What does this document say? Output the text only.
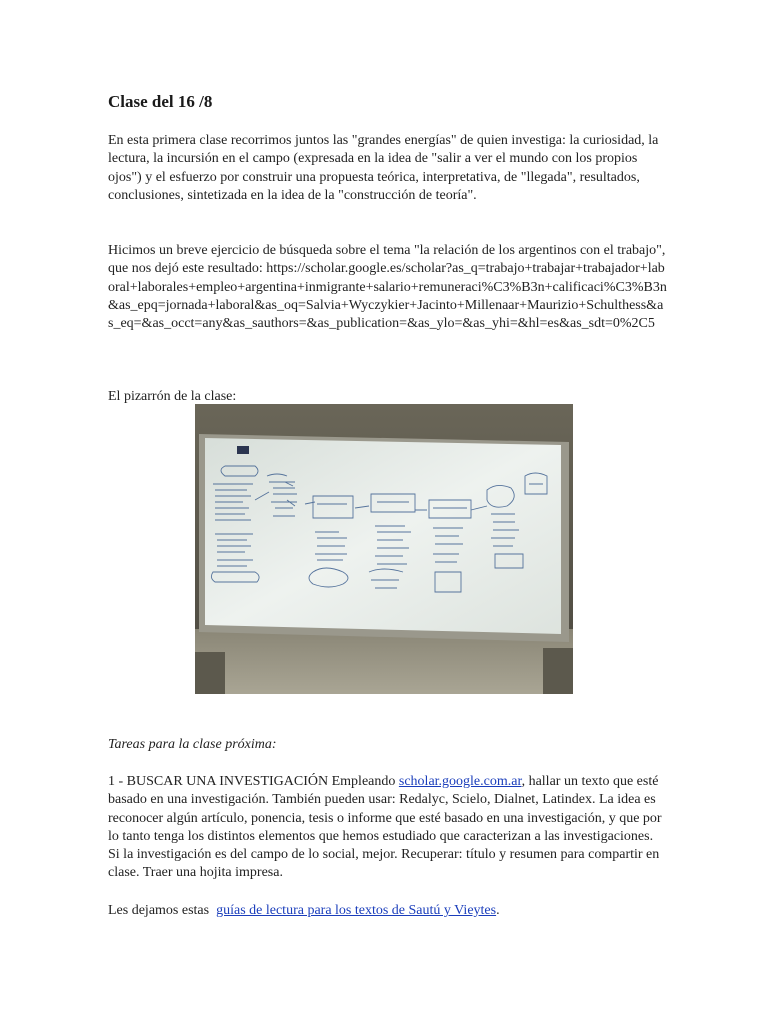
Clase del 16 /8

En esta primera clase recorrimos juntos las "grandes energías" de quien investiga: la curiosidad, la lectura, la incursión en el campo (expresada en la idea de "salir a ver el mundo con los propios ojos") y el esfuerzo por construir una propuesta teórica, interpretativa, de "llegada", resultados, conclusiones, sintetizada en la idea de la "construcción de teoría".

Hicimos un breve ejercicio de búsqueda sobre el tema "la relación de los argentinos con el trabajo", que nos dejó este resultado: https://scholar.google.es/scholar?as_q=trabajo+trabajar+trabajador+laboral+laborales+empleo+argentina+inmigrante+salario+remuneraci%C3%B3n+calificaci%C3%B3n&as_epq=jornada+laboral&as_oq=Salvia+Wyczykier+Jacinto+Millenaar+Maurizio+Schulthess&as_eq=&as_occt=any&as_sauthors=&as_publication=&as_ylo=&as_yhi=&hl=es&as_sdt=0%2C5

El pizarrón de la clase:

Tareas para la clase próxima:

1 - BUSCAR UNA INVESTIGACIÓN Empleando scholar.google.com.ar, hallar un texto que esté basado en una investigación. También pueden usar: Redalyc, Scielo, Dialnet, Latindex. La idea es reconocer algún artículo, ponencia, tesis o informe que esté basado en una investigación, y que por lo tanto tenga los distintos elementos que hemos estudiado que caracterizan a las investigaciones. Si la investigación es del campo de lo social, mejor. Recuperar: título y resumen para compartir en clase. Traer una hojita impresa.

Les dejamos estas  guías de lectura para los textos de Sautú y Vieytes.
